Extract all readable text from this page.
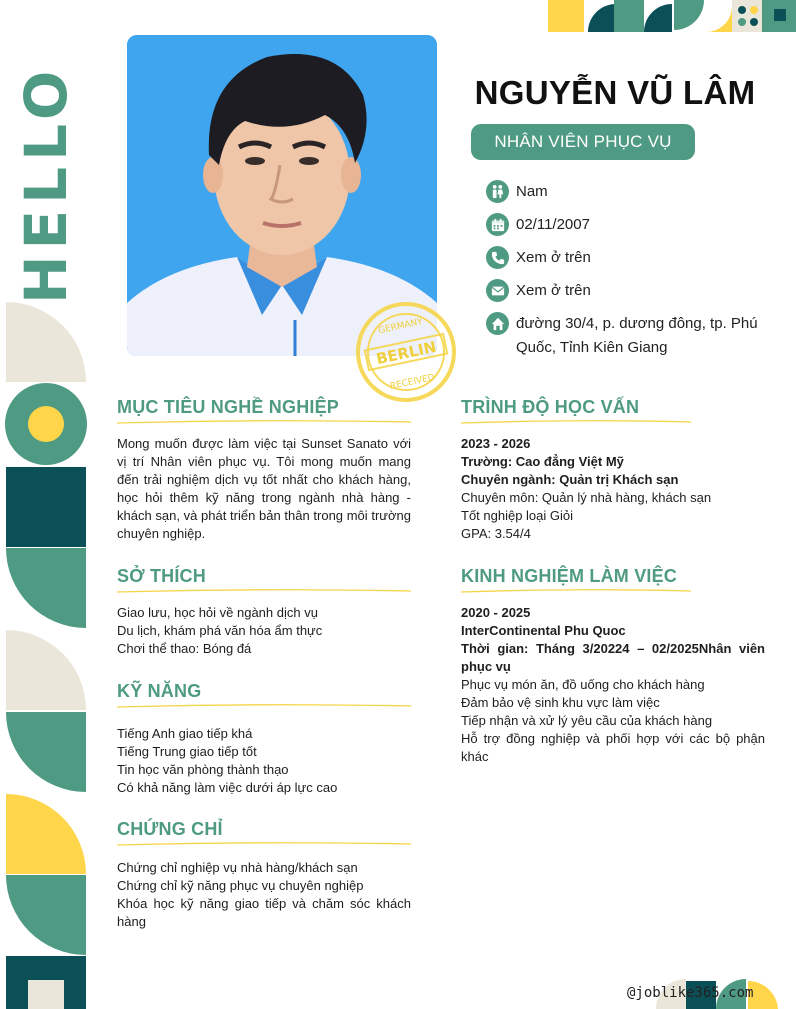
HELLO
BERLIN
GERMANY
RECEIVED
NGUYỄN VŨ LÂM
NHÂN VIÊN PHỤC VỤ
Nam
02/11/2007
Xem ở trên
Xem ở trên
đường 30/4, p. dương đông, tp. Phú Quốc, Tỉnh Kiên Giang
MỤC TIÊU NGHỀ NGHIỆP
Mong muốn được làm việc tại Sunset Sanato với vị trí Nhân viên phục vụ. Tôi mong muốn mang đến trải nghiệm dịch vụ tốt nhất cho khách hàng, học hỏi thêm kỹ năng trong ngành nhà hàng - khách sạn, và phát triển bản thân trong môi trường chuyên nghiệp.
SỞ THÍCH
Giao lưu, học hỏi về ngành dịch vụ
Du lịch, khám phá văn hóa ẩm thực
Chơi thể thao: Bóng đá
KỸ NĂNG
Tiếng Anh giao tiếp khá
Tiếng Trung giao tiếp tốt
Tin học văn phòng thành thạo
Có khả năng làm việc dưới áp lực cao
CHỨNG CHỈ
Chứng chỉ nghiệp vụ nhà hàng/khách sạn
Chứng chỉ kỹ năng phục vụ chuyên nghiệp
Khóa học kỹ năng giao tiếp và chăm sóc khách hàng
TRÌNH ĐỘ HỌC VẤN
2023 - 2026
Trường: Cao đẳng Việt Mỹ
Chuyên ngành: Quản trị Khách sạn
Chuyên môn: Quản lý nhà hàng, khách sạn
Tốt nghiệp loại Giỏi
GPA: 3.54/4
KINH NGHIỆM LÀM VIỆC
2020 - 2025
InterContinental Phu Quoc
Thời gian: Tháng 3/20224 – 02/2025Nhân viên phục vụ
Phục vụ món ăn, đồ uống cho khách hàng
Đảm bảo vệ sinh khu vực làm việc
Tiếp nhận và xử lý yêu cầu của khách hàng
Hỗ trợ đồng nghiệp và phối hợp với các bộ phận khác
@joblike365.com
